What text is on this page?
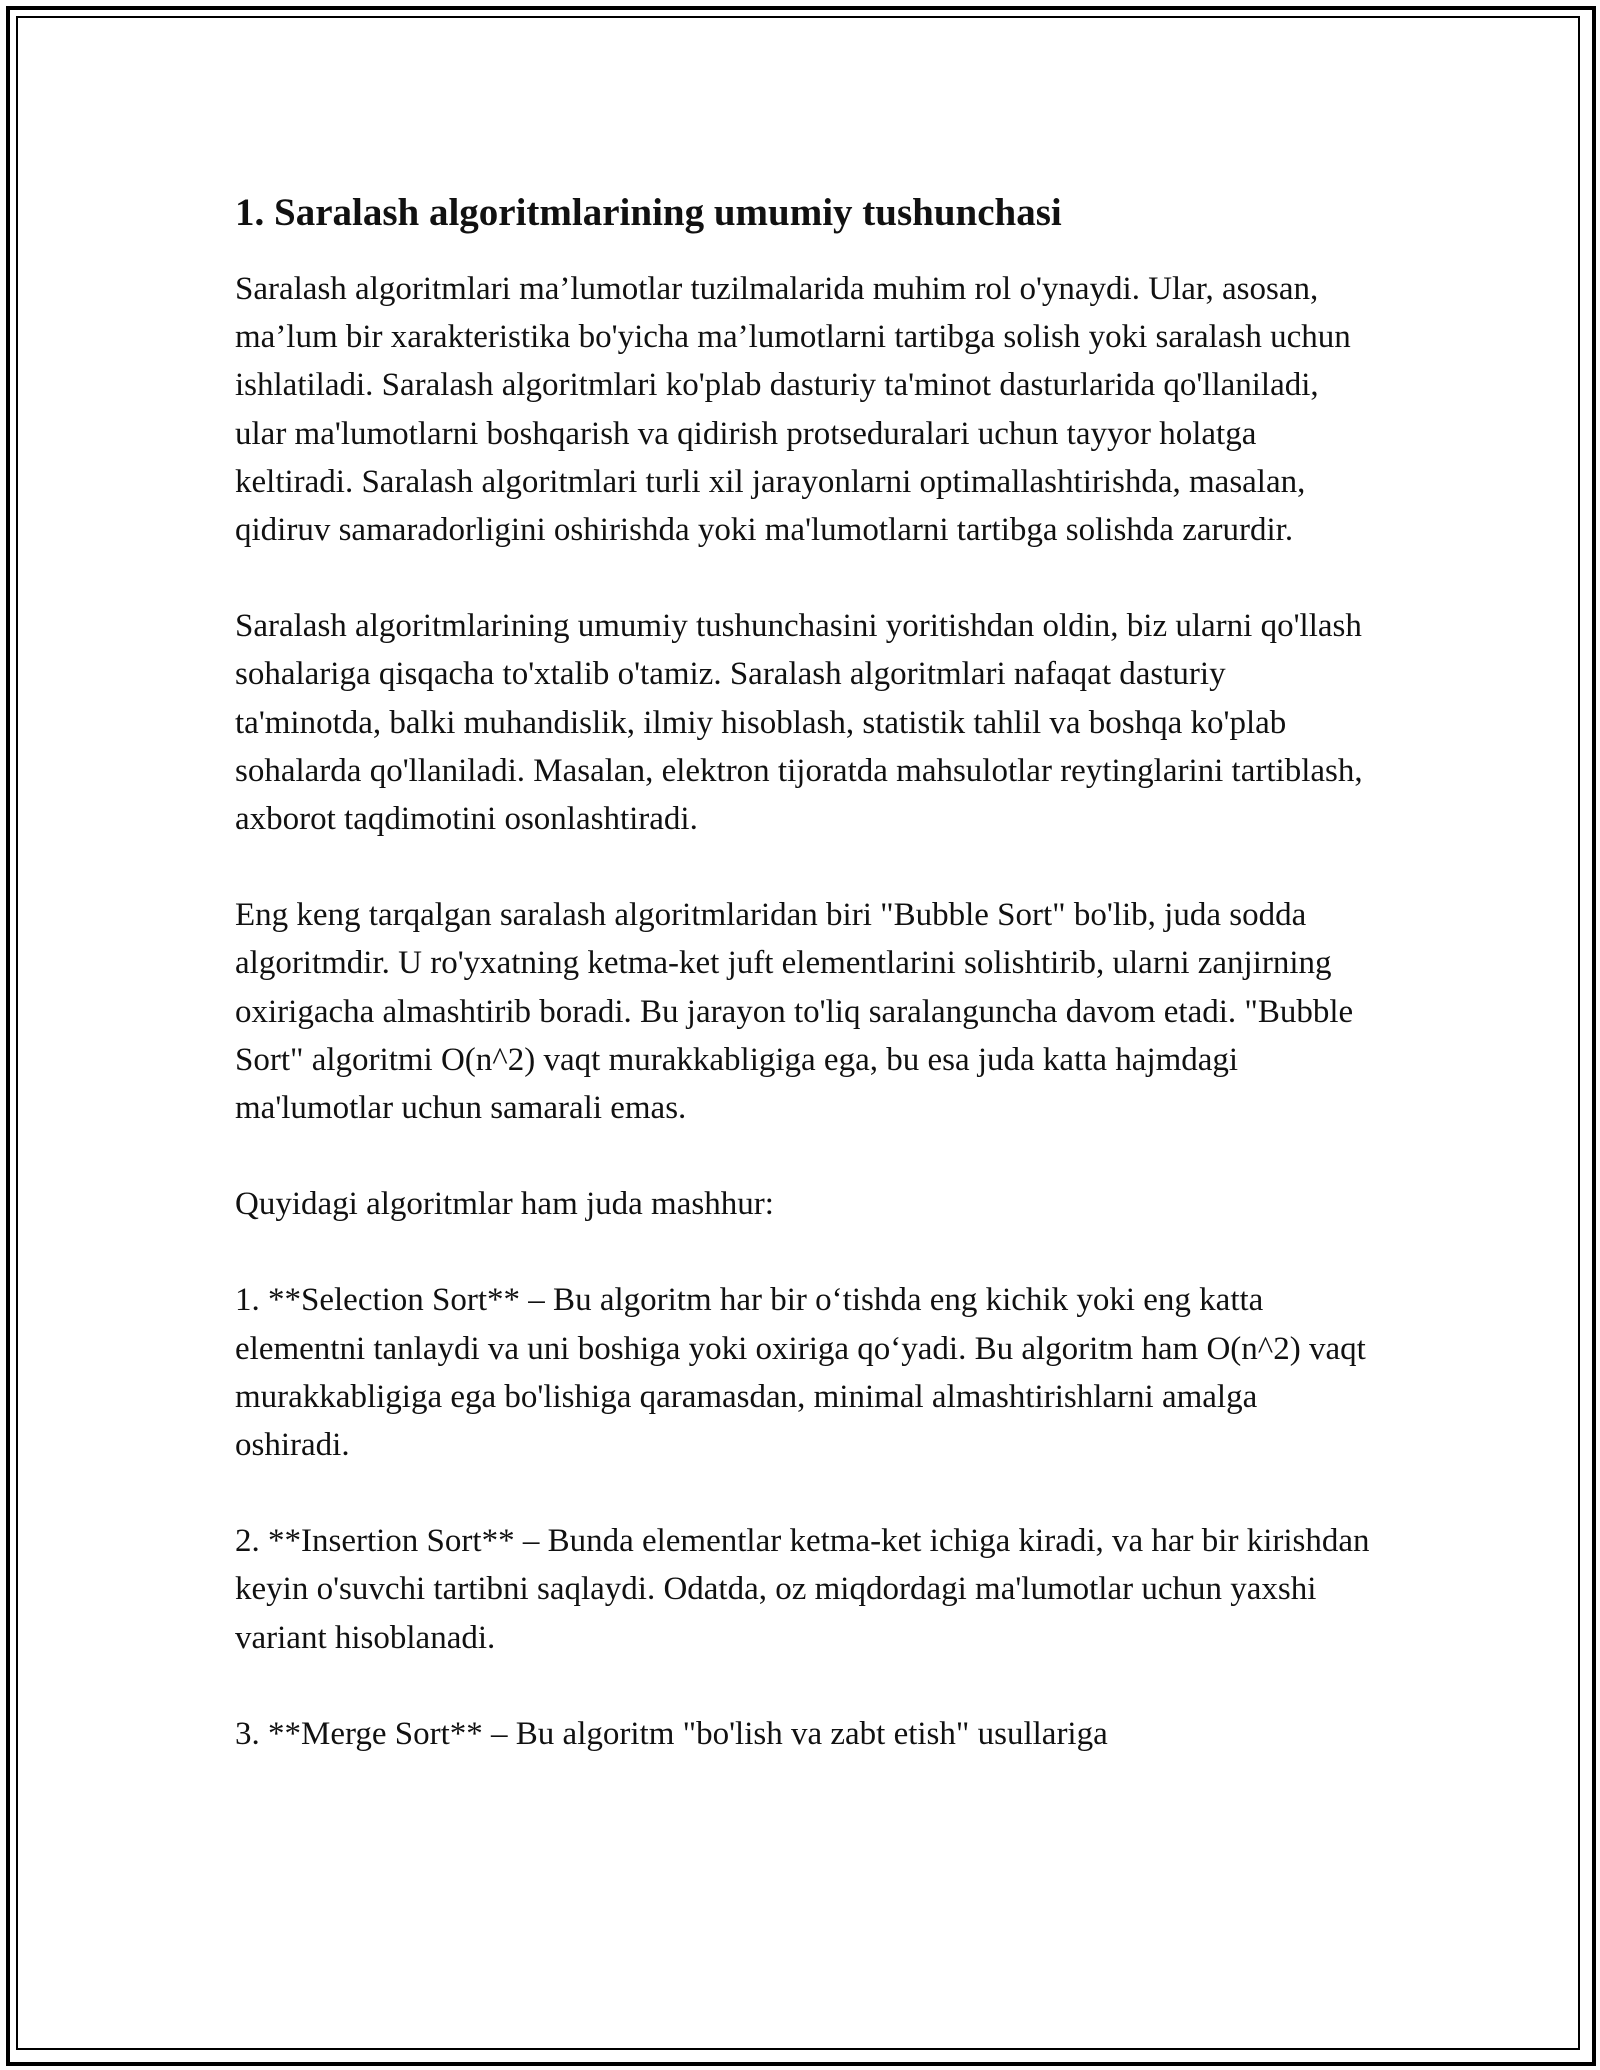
1. Saralash algoritmlarining umumiy tushunchasi

Saralash algoritmlari ma’lumotlar tuzilmalarida muhim rol o'ynaydi. Ular, asosan, ma’lum bir xarakteristika bo'yicha ma’lumotlarni tartibga solish yoki saralash uchun ishlatiladi. Saralash algoritmlari ko'plab dasturiy ta'minot dasturlarida qo'llaniladi, ular ma'lumotlarni boshqarish va qidirish protseduralari uchun tayyor holatga keltiradi. Saralash algoritmlari turli xil jarayonlarni optimallashtirishda, masalan, qidiruv samaradorligini oshirishda yoki ma'lumotlarni tartibga solishda zarurdir.

Saralash algoritmlarining umumiy tushunchasini yoritishdan oldin, biz ularni qo'llash sohalariga qisqacha to'xtalib o'tamiz. Saralash algoritmlari nafaqat dasturiy ta'minotda, balki muhandislik, ilmiy hisoblash, statistik tahlil va boshqa ko'plab sohalarda qo'llaniladi. Masalan, elektron tijoratda mahsulotlar reytinglarini tartiblash, axborot taqdimotini osonlashtiradi.

Eng keng tarqalgan saralash algoritmlaridan biri "Bubble Sort" bo'lib, juda sodda algoritmdir. U ro'yxatning ketma-ket juft elementlarini solishtirib, ularni zanjirning oxirigacha almashtirib boradi. Bu jarayon to'liq saralanguncha davom etadi. "Bubble Sort" algoritmi O(n^2) vaqt murakkabligiga ega, bu esa juda katta hajmdagi ma'lumotlar uchun samarali emas.

Quyidagi algoritmlar ham juda mashhur:

1. **Selection Sort** – Bu algoritm har bir o‘tishda eng kichik yoki eng katta elementni tanlaydi va uni boshiga yoki oxiriga qo‘yadi. Bu algoritm ham O(n^2) vaqt murakkabligiga ega bo'lishiga qaramasdan, minimal almashtirishlarni amalga oshiradi.

2. **Insertion Sort** – Bunda elementlar ketma-ket ichiga kiradi, va har bir kirishdan keyin o'suvchi tartibni saqlaydi. Odatda, oz miqdordagi ma'lumotlar uchun yaxshi variant hisoblanadi.

3. **Merge Sort** – Bu algoritm "bo'lish va zabt etish" usullariga
